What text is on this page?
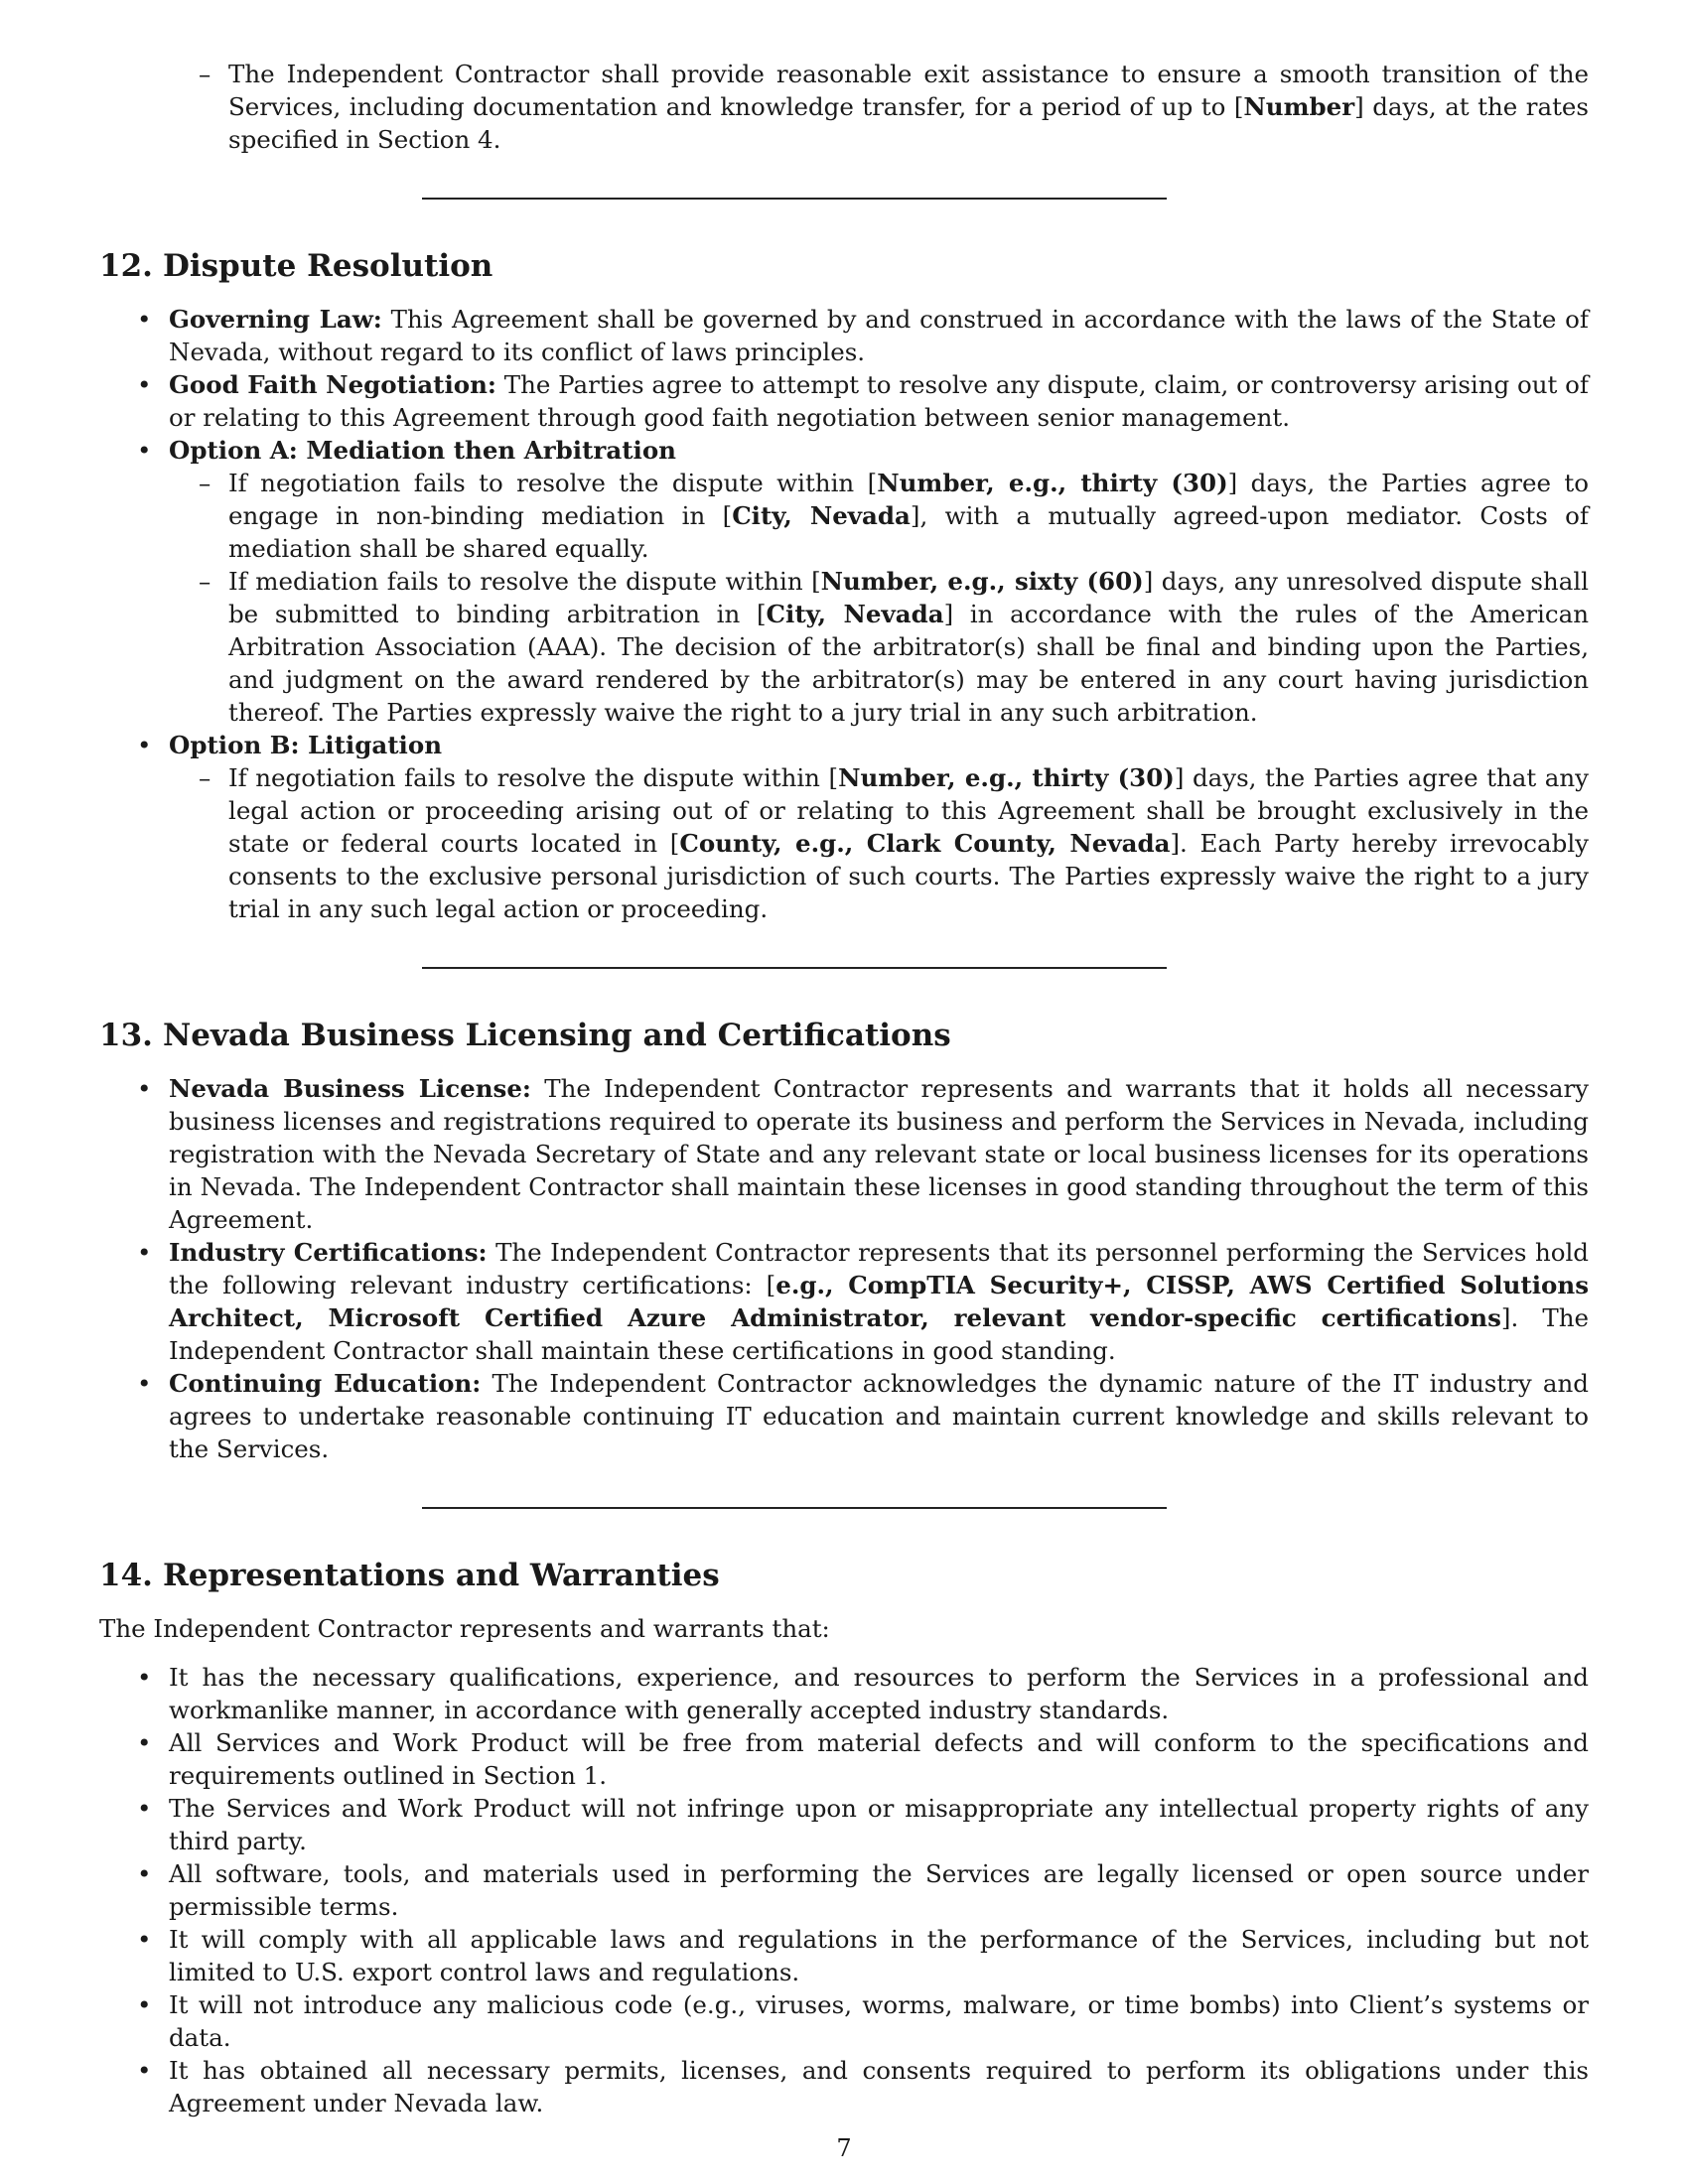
– The Independent Contractor shall provide reasonable exit assistance to ensure a smooth transition of the Services, including documentation and knowledge transfer, for a period of up to [Number] days, at the rates specified in Section 4.
12. Dispute Resolution
• Governing Law: This Agreement shall be governed by and construed in accordance with the laws of the State of Nevada, without regard to its conflict of laws principles.
• Good Faith Negotiation: The Parties agree to attempt to resolve any dispute, claim, or controversy arising out of or relating to this Agreement through good faith negotiation between senior management.
• Option A: Mediation then Arbitration
– If negotiation fails to resolve the dispute within [Number, e.g., thirty (30)] days, the Parties agree to engage in non-binding mediation in [City, Nevada], with a mutually agreed-upon mediator. Costs of mediation shall be shared equally.
– If mediation fails to resolve the dispute within [Number, e.g., sixty (60)] days, any unresolved dispute shall be submitted to binding arbitration in [City, Nevada] in accordance with the rules of the American Arbitration Association (AAA). The decision of the arbitrator(s) shall be final and binding upon the Parties, and judgment on the award rendered by the arbitrator(s) may be entered in any court having jurisdiction thereof. The Parties expressly waive the right to a jury trial in any such arbitration.
• Option B: Litigation
– If negotiation fails to resolve the dispute within [Number, e.g., thirty (30)] days, the Parties agree that any legal action or proceeding arising out of or relating to this Agreement shall be brought exclusively in the state or federal courts located in [County, e.g., Clark County, Nevada]. Each Party hereby irrevocably consents to the exclusive personal jurisdiction of such courts. The Parties expressly waive the right to a jury trial in any such legal action or proceeding.
13. Nevada Business Licensing and Certifications
• Nevada Business License: The Independent Contractor represents and warrants that it holds all necessary business licenses and registrations required to operate its business and perform the Services in Nevada, including registration with the Nevada Secretary of State and any relevant state or local business licenses for its operations in Nevada. The Independent Contractor shall maintain these licenses in good standing throughout the term of this Agreement.
• Industry Certifications: The Independent Contractor represents that its personnel performing the Services hold the following relevant industry certifications: [e.g., CompTIA Security+, CISSP, AWS Certified Solutions Architect, Microsoft Certified Azure Administrator, relevant vendor-specific certifications]. The Independent Contractor shall maintain these certifications in good standing.
• Continuing Education: The Independent Contractor acknowledges the dynamic nature of the IT industry and agrees to undertake reasonable continuing IT education and maintain current knowledge and skills relevant to the Services.
14. Representations and Warranties

The Independent Contractor represents and warrants that:

• It has the necessary qualifications, experience, and resources to perform the Services in a professional and workmanlike manner, in accordance with generally accepted industry standards.
• All Services and Work Product will be free from material defects and will conform to the specifications and requirements outlined in Section 1.
• The Services and Work Product will not infringe upon or misappropriate any intellectual property rights of any third party.
• All software, tools, and materials used in performing the Services are legally licensed or open source under permissible terms.
• It will comply with all applicable laws and regulations in the performance of the Services, including but not limited to U.S. export control laws and regulations.
• It will not introduce any malicious code (e.g., viruses, worms, malware, or time bombs) into Client’s systems or data.
• It has obtained all necessary permits, licenses, and consents required to perform its obligations under this Agreement under Nevada law.
7
